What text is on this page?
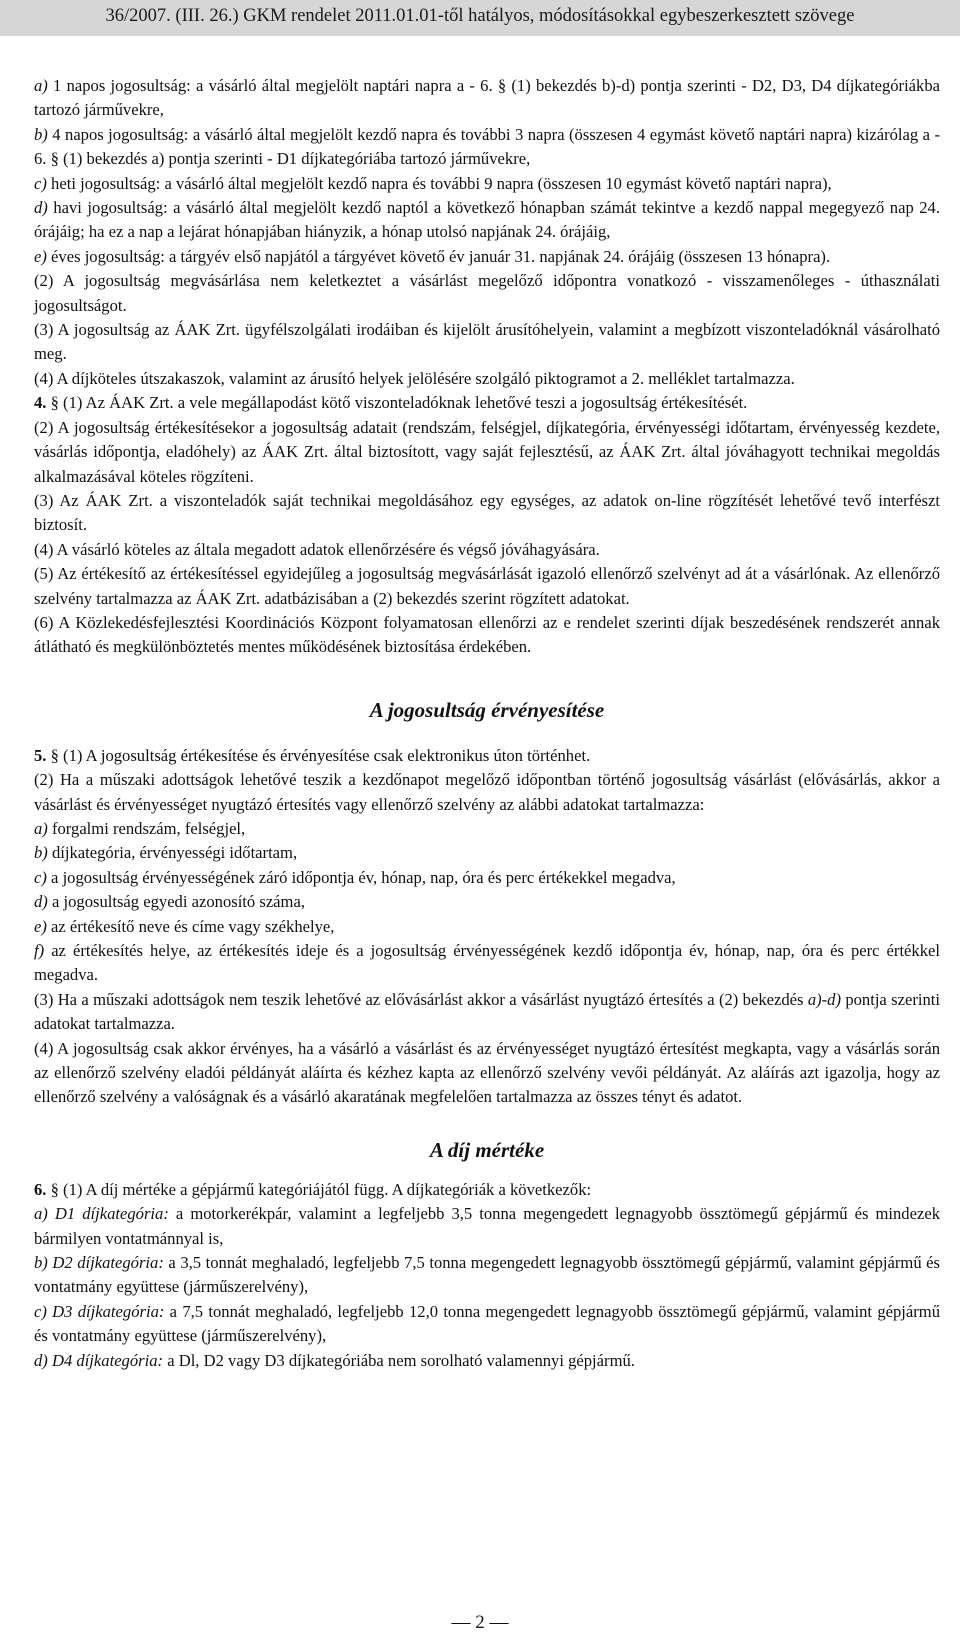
36/2007. (III. 26.) GKM rendelet 2011.01.01-től hatályos, módosításokkal egybeszerkesztett szövege

a) 1 napos jogosultság: a vásárló által megjelölt naptári napra a - 6. § (1) bekezdés b)-d) pontja szerinti - D2, D3, D4 díjkategóriákba tartozó járművekre,

b) 4 napos jogosultság: a vásárló által megjelölt kezdő napra és további 3 napra (összesen 4 egymást követő naptári napra) kizárólag a - 6. § (1) bekezdés a) pontja szerinti - D1 díjkategóriába tartozó járművekre,

c) heti jogosultság: a vásárló által megjelölt kezdő napra és további 9 napra (összesen 10 egymást követő naptári napra),

d) havi jogosultság: a vásárló által megjelölt kezdő naptól a következő hónapban számát tekintve a kezdő nappal megegyező nap 24. órájáig; ha ez a nap a lejárat hónapjában hiányzik, a hónap utolsó napjának 24. órájáig,

e) éves jogosultság: a tárgyév első napjától a tárgyévet követő év január 31. napjának 24. órájáig (összesen 13 hónapra).

(2) A jogosultság megvásárlása nem keletkeztet a vásárlást megelőző időpontra vonatkozó - visszamenőleges - úthasználati jogosultságot.

(3) A jogosultság az ÁAK Zrt. ügyfélszolgálati irodáiban és kijelölt árusítóhelyein, valamint a megbízott viszonteladóknál vásárolható meg.

(4) A díjköteles útszakaszok, valamint az árusító helyek jelölésére szolgáló piktogramot a 2. melléklet tartalmazza.

4. § (1) Az ÁAK Zrt. a vele megállapodást kötő viszonteladóknak lehetővé teszi a jogosultság értékesítését.

(2) A jogosultság értékesítésekor a jogosultság adatait (rendszám, felségjel, díjkategória, érvényességi időtartam, érvényesség kezdete, vásárlás időpontja, eladóhely) az ÁAK Zrt. által biztosított, vagy saját fejlesztésű, az ÁAK Zrt. által jóváhagyott technikai megoldás alkalmazásával köteles rögzíteni.

(3) Az ÁAK Zrt. a viszonteladók saját technikai megoldásához egy egységes, az adatok on-line rögzítését lehetővé tevő interfészt biztosít.

(4) A vásárló köteles az általa megadott adatok ellenőrzésére és végső jóváhagyására.

(5) Az értékesítő az értékesítéssel egyidejűleg a jogosultság megvásárlását igazoló ellenőrző szelvényt ad át a vásárlónak. Az ellenőrző szelvény tartalmazza az ÁAK Zrt. adatbázisában a (2) bekezdés szerint rögzített adatokat.

(6) A Közlekedésfejlesztési Koordinációs Központ folyamatosan ellenőrzi az e rendelet szerinti díjak beszedésének rendszerét annak átlátható és megkülönböztetés mentes működésének biztosítása érdekében.

A jogosultság érvényesítése

5. § (1) A jogosultság értékesítése és érvényesítése csak elektronikus úton történhet.

(2) Ha a műszaki adottságok lehetővé teszik a kezdőnapot megelőző időpontban történő jogosultság vásárlást (elővásárlás, akkor a vásárlást és érvényességet nyugtázó értesítés vagy ellenőrző szelvény az alábbi adatokat tartalmazza:

a) forgalmi rendszám, felségjel,

b) díjkategória, érvényességi időtartam,

c) a jogosultság érvényességének záró időpontja év, hónap, nap, óra és perc értékekkel megadva,

d) a jogosultság egyedi azonosító száma,

e) az értékesítő neve és címe vagy székhelye,

f) az értékesítés helye, az értékesítés ideje és a jogosultság érvényességének kezdő időpontja év, hónap, nap, óra és perc értékkel megadva.

(3) Ha a műszaki adottságok nem teszik lehetővé az elővásárlást akkor a vásárlást nyugtázó értesítés a (2) bekezdés a)-d) pontja szerinti adatokat tartalmazza.

(4) A jogosultság csak akkor érvényes, ha a vásárló a vásárlást és az érvényességet nyugtázó értesítést megkapta, vagy a vásárlás során az ellenőrző szelvény eladói példányát aláírta és kézhez kapta az ellenőrző szelvény vevői példányát. Az aláírás azt igazolja, hogy az ellenőrző szelvény a valóságnak és a vásárló akaratának megfelelően tartalmazza az összes tényt és adatot.

A díj mértéke

6. § (1) A díj mértéke a gépjármű kategóriájától függ. A díjkategóriák a következők:

a) D1 díjkategória: a motorkerékpár, valamint a legfeljebb 3,5 tonna megengedett legnagyobb össztömegű gépjármű és mindezek bármilyen vontatmánnyal is,

b) D2 díjkategória: a 3,5 tonnát meghaladó, legfeljebb 7,5 tonna megengedett legnagyobb össztömegű gépjármű, valamint gépjármű és vontatmány együttese (járműszerelvény),

c) D3 díjkategória: a 7,5 tonnát meghaladó, legfeljebb 12,0 tonna megengedett legnagyobb össztömegű gépjármű, valamint gépjármű és vontatmány együttese (járműszerelvény),

d) D4 díjkategória: a Dl, D2 vagy D3 díjkategóriába nem sorolható valamennyi gépjármű.

— 2 —
